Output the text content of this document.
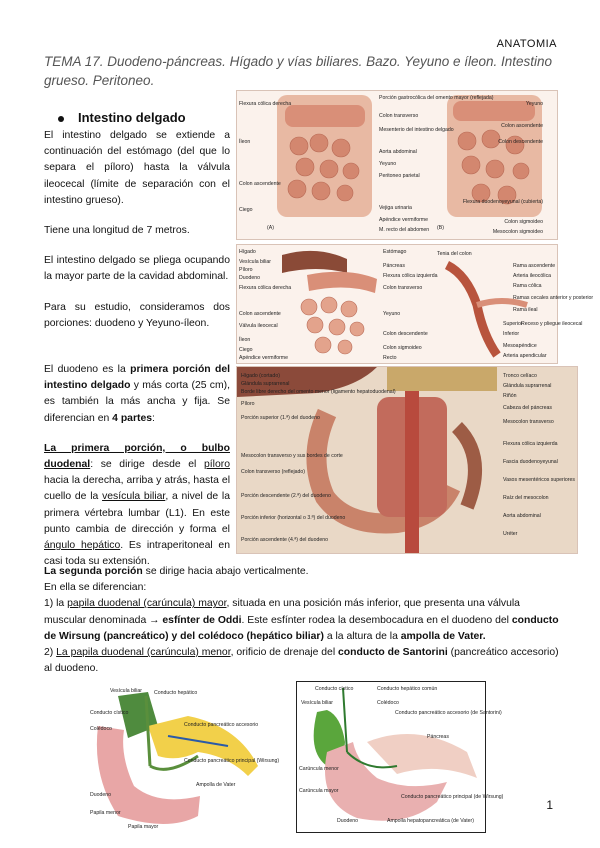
ANATOMIA
TEMA 17. Duodeno-páncreas. Hígado y vías biliares. Bazo. Yeyuno e íleon. Intestino grueso. Peritoneo.
Intestino delgado

El intestino delgado se extiende a continuación del estómago (del que lo separa el píloro) hasta la válvula ileocecal (límite de separación con el intestino grueso).

Tiene una longitud de 7 metros.

El intestino delgado se pliega ocupando la mayor parte de la cavidad abdominal.

Para su estudio, consideramos dos porciones: duodeno y Yeyuno-íleon.

El duodeno es la primera porción del intestino delgado y más corta (25 cm), es también la más ancha y fija. Se diferencian en 4 partes:

La primera porción, o bulbo duodenal: se dirige desde el píloro hacia la derecha, arriba y atrás, hasta el cuello de la vesícula biliar, a nivel de la primera vértebra lumbar (L1). En este punto cambia de dirección y forma el ángulo hepático. Es intraperitoneal en casi toda su extensión.

La segunda porción se dirige hacia abajo verticalmente.

En ella se diferencian:

1) la papila duodenal (carúncula) mayor, situada en una posición más inferior, que presenta una válvula muscular denominada → esfínter de Oddi. Este esfínter rodea la desembocadura en el duodeno del conducto de Wirsung (pancreático) y del colédoco (hepático biliar) a la altura de la ampolla de Vater.

2) La papila duodenal (carúncula) menor, orificio de drenaje del conducto de Santorini (pancreático accesorio) al duodeno.

Flexura cólica derecha
Íleon
Colon ascendente
Ciego
(A)
Porción gastrocólica del omento mayor (reflejada)
Colon transverso
Mesenterio del intestino delgado
Aorta abdominal
Yeyuno
Peritoneo parietal
Vejiga urinaria
Apéndice vermiforme
M. recto del abdomen (B)
Yeyuno
Colon ascendente
Colon descendente
Flexura duodenoyeyunal (cubierta)
Colon sigmoideo
Mesocolon sigmoideo
Hígado
Vesícula biliar
Píloro
Duodeno
Flexura cólica derecha
Colon ascendente
Válvula ileocecal
Íleon
Ciego
Apéndice vermiforme
Estómago
Páncreas
Flexura cólica izquierda
Colon transverso
Yeyuno
Colon descendente
Colon sigmoideo
Recto
Tenia del colon
Rama ascendente
Arteria ileocólica
Rama cólica
Ramas cecales anterior y posterior
Rama ileal
Superior
Receso y pliegue ileocecal
Inferior
Mesoapéndice
Arteria apendicular
Hígado (cortado)
Glándula suprarrenal
Borde libre derecho del omento menor (ligamento hepatoduodenal)
Píloro
Porción superior (1.ª) del duodeno
Mesocolon transverso y sus bordes de corte
Colon transverso (reflejado)
Porción descendente (2.ª) del duodeno
Porción inferior (horizontal o 3.ª) del duodeno
Porción ascendente (4.ª) del duodeno
Tronco celíaco
Glándula suprarrenal
Riñón
Cabeza del páncreas
Mesocolon transverso
Flexura cólica izquierda
Fascia duodenoyeyunal
Vasos mesentéricos superiores
Raíz del mesocolon
Aorta abdominal
Uréter
Vesícula biliar Conducto hepático
Conducto cístico
Colédoco
Conducto pancreático accesorio
Conducto pancreático principal (Wirsung)
Duodeno
Ampolla de Vater
Papila menor
Papila mayor
Conducto cístico	Conducto hepático común
Vesícula biliar	Colédoco
Conducto pancreático accesorio (de Santorini)
Páncreas
Carúncula menor
Carúncula mayor
Conducto pancreático principal (de Wirsung)
Duodeno	Ampolla hepatopancreática (de Vater)
1
